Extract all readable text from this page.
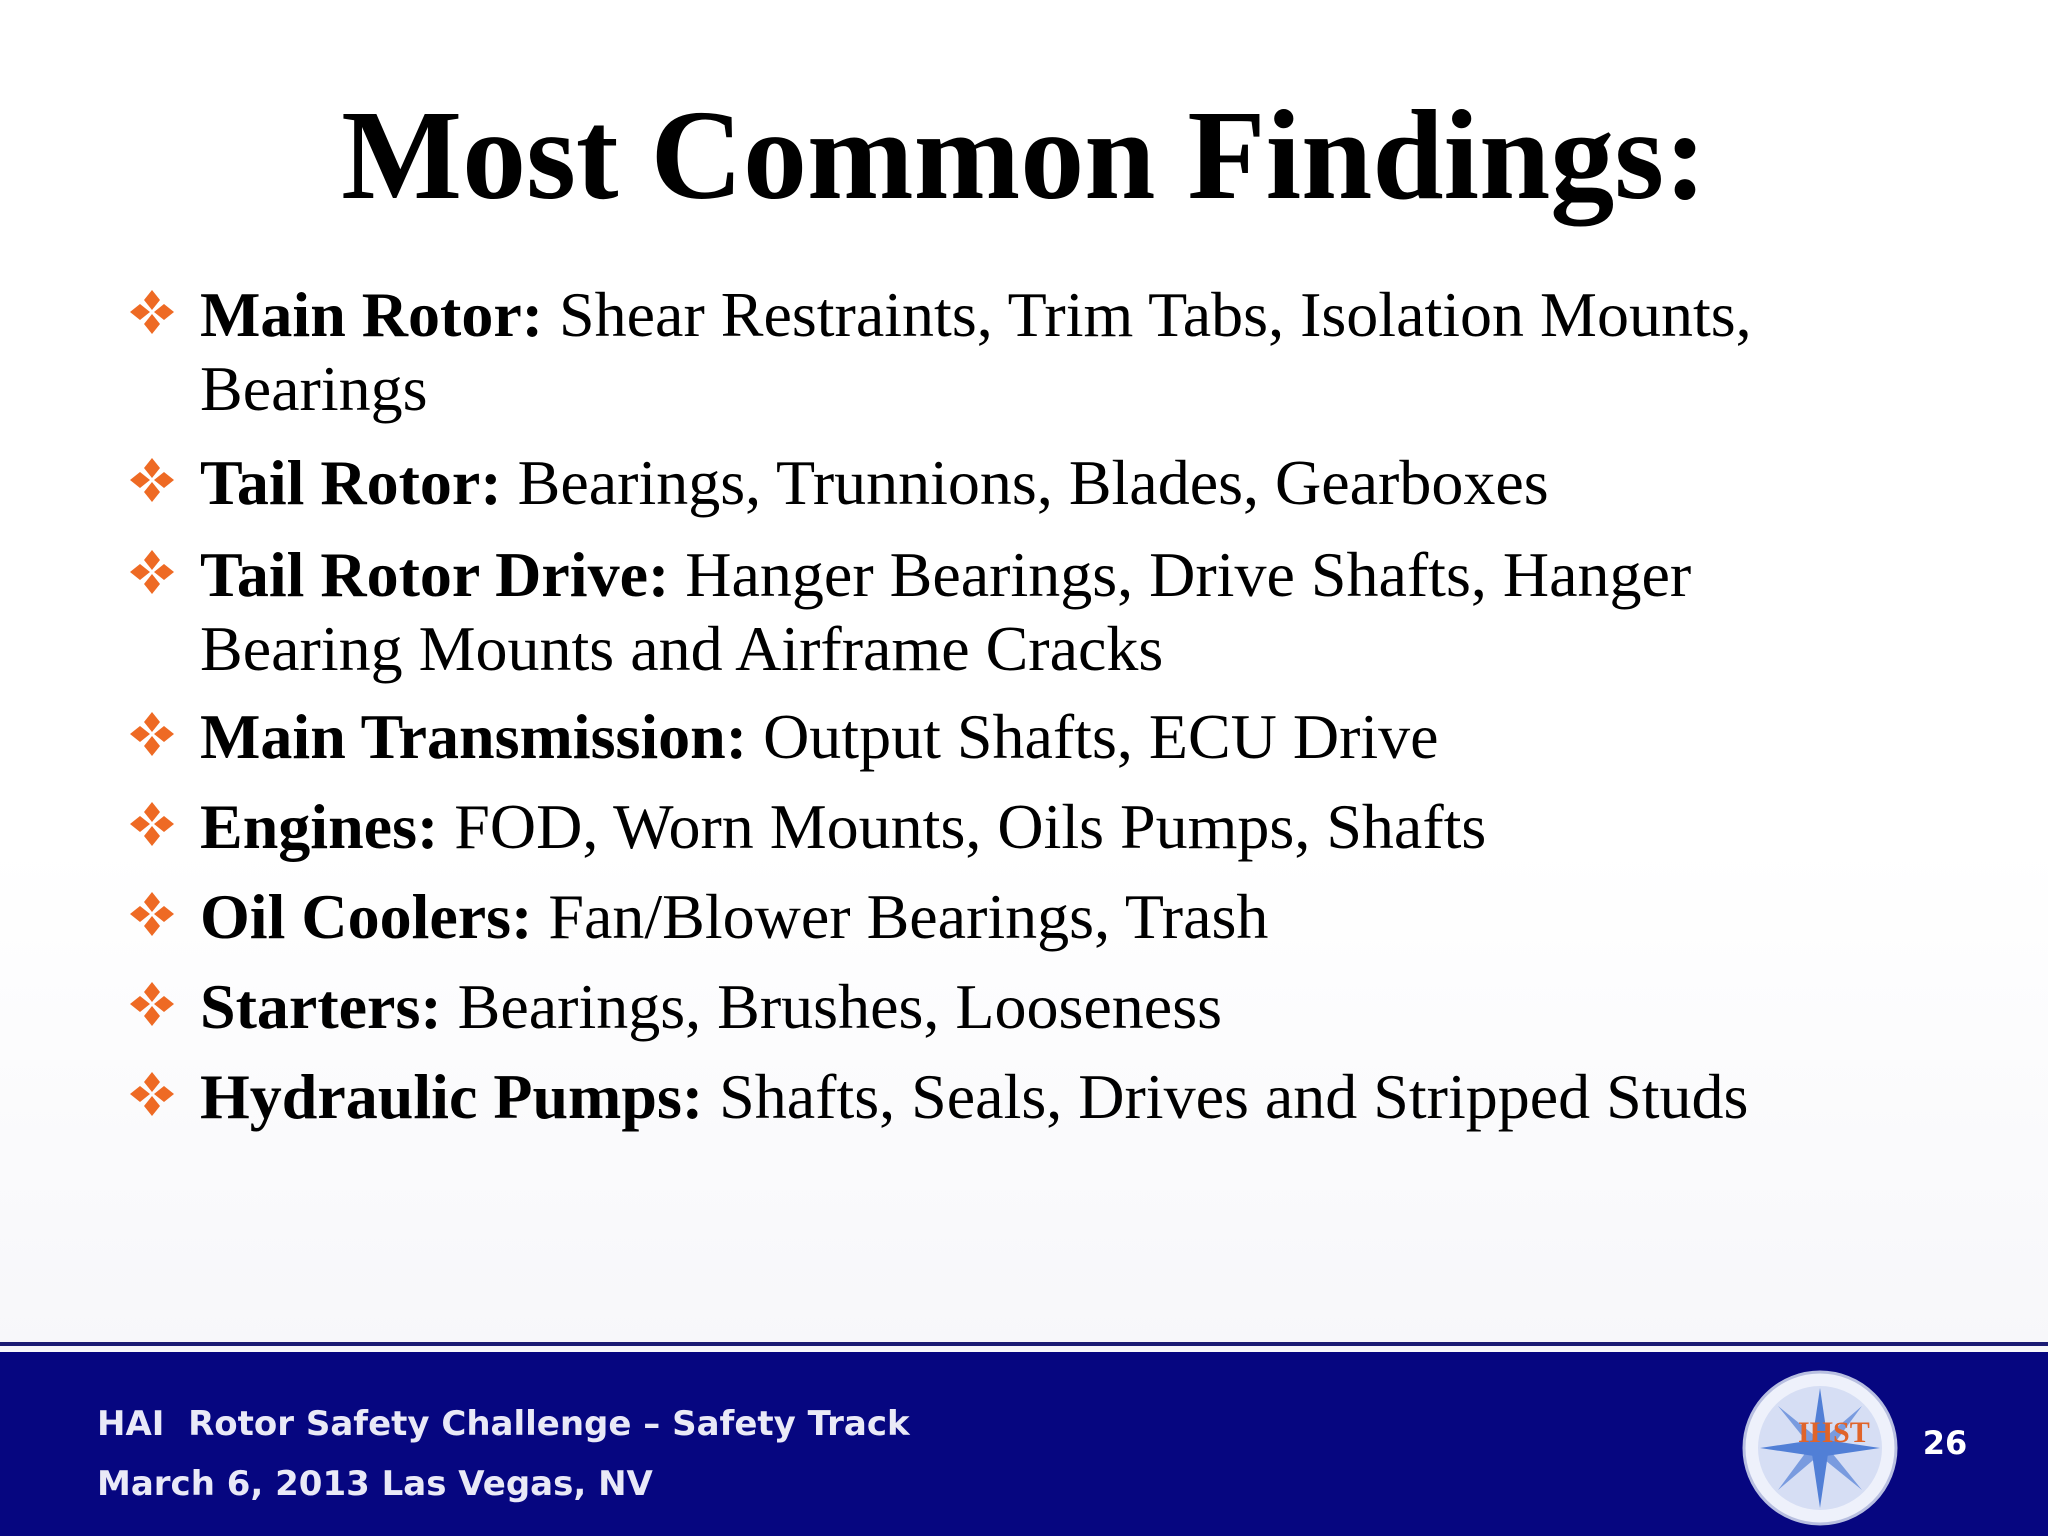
Most Common Findings:
Main Rotor: Shear Restraints, Trim Tabs, Isolation Mounts,
Bearings
Tail Rotor: Bearings, Trunnions, Blades, Gearboxes
Tail Rotor Drive: Hanger Bearings, Drive Shafts, Hanger
Bearing Mounts and Airframe Cracks
Main Transmission: Output Shafts, ECU Drive
Engines: FOD, Worn Mounts, Oils Pumps, Shafts
Oil Coolers: Fan/Blower Bearings, Trash
Starters: Bearings, Brushes, Looseness
Hydraulic Pumps: Shafts, Seals, Drives and Stripped Studs
HAI  Rotor Safety Challenge – Safety Track
March 6, 2013 Las Vegas, NV
IHST 26
